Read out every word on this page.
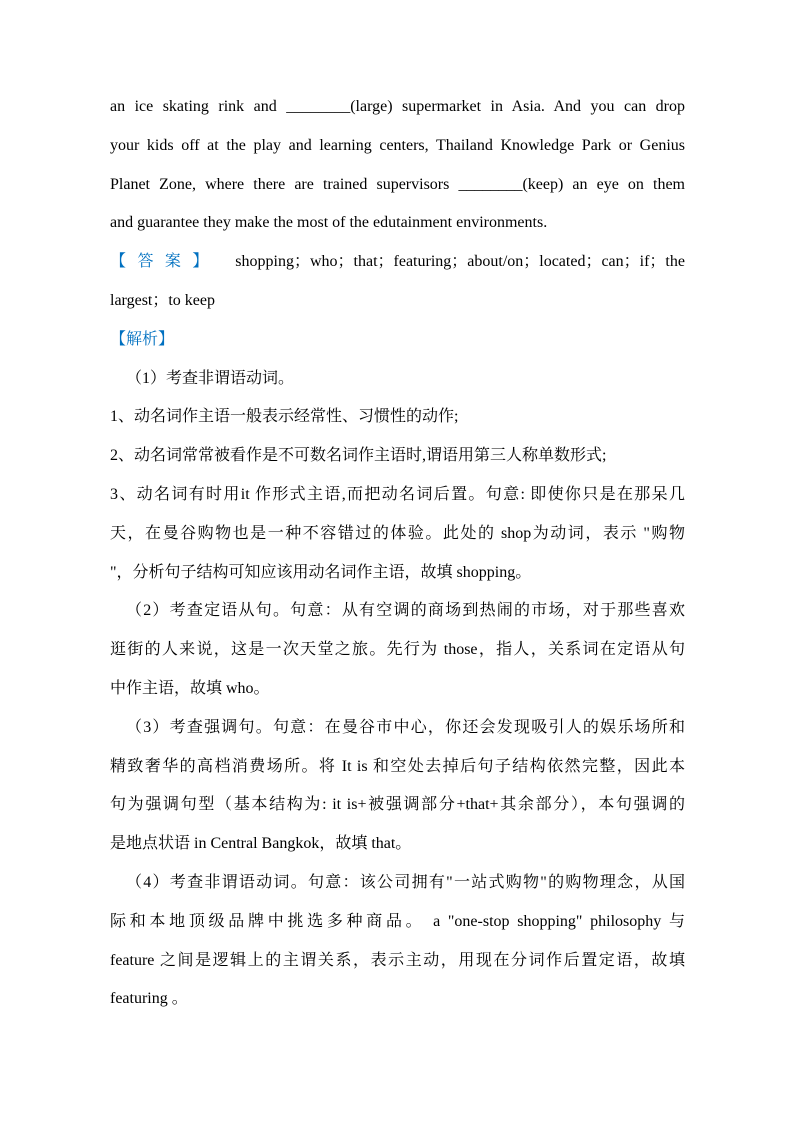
an ice skating rink and ________(large) supermarket in Asia. And you can drop
your kids off at the play and learning centers, Thailand Knowledge Park or Genius
Planet Zone, where there are trained supervisors ________(keep) an eye on them
and guarantee they make the most of the edutainment environments.
【答案】 shopping；who；that；featuring；about/on；located；can；if；the
largest；to keep
【解析】
（1）考查非谓语动词。
1、动名词作主语一般表示经常性、习惯性的动作;
2、动名词常常被看作是不可数名词作主语时,谓语用第三人称单数形式;
3、动名词有时用it 作形式主语,而把动名词后置。句意: 即使你只是在那呆几
天，在曼谷购物也是一种不容错过的体验。此处的 shop为动词，表示 "购物
"，分析句子结构可知应该用动名词作主语，故填 shopping。
（2）考查定语从句。句意：从有空调的商场到热闹的市场，对于那些喜欢
逛街的人来说，这是一次天堂之旅。先行为 those，指人，关系词在定语从句
中作主语，故填 who。
（3）考查强调句。句意：在曼谷市中心，你还会发现吸引人的娱乐场所和
精致奢华的高档消费场所。将 It is 和空处去掉后句子结构依然完整，因此本
句为强调句型（基本结构为: it is+被强调部分+that+其余部分），本句强调的
是地点状语 in Central Bangkok，故填 that。
（4）考查非谓语动词。句意：该公司拥有"一站式购物"的购物理念，从国
际和本地顶级品牌中挑选多种商品。 a "one-stop shopping" philosophy 与
feature 之间是逻辑上的主谓关系，表示主动，用现在分词作后置定语，故填
featuring 。
